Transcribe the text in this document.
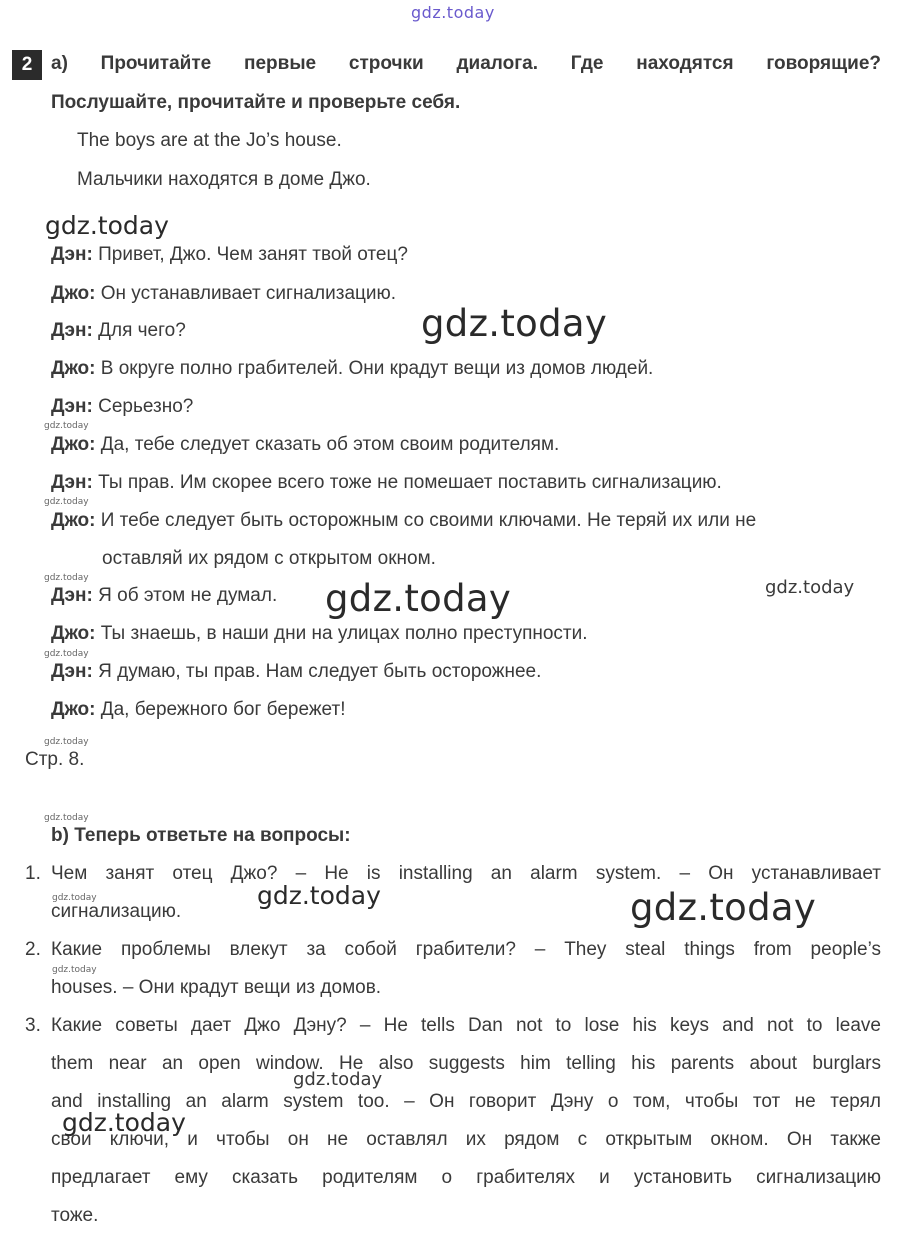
gdz.today
2 a) Прочитайте первые строчки диалога. Где находятся говорящие?
Послушайте, прочитайте и проверьте себя.
The boys are at the Jo’s house.
Мальчики находятся в доме Джо.
gdz.today
gdz.today
gdz.today	gdz.today
gdz.today
gdz.today
gdz.today
gdz.today
gdz.today
gdz.today
Дэн: Привет, Джо. Чем занят твой отец?
Джо: Он устанавливает сигнализацию.
Дэн: Для чего?
Джо: В округе полно грабителей. Они крадут вещи из домов людей.
Дэн: Серьезно?
Джо: Да, тебе следует сказать об этом своим родителям.
Дэн: Ты прав. Им скорее всего тоже не помешает поставить сигнализацию.
Джо: И тебе следует быть осторожным со своими ключами. Не теряй их или не
оставляй их рядом с открытом окном.
Дэн: Я об этом не думал.
Джо: Ты знаешь, в наши дни на улицах полно преступности.
Дэн: Я думаю, ты прав. Нам следует быть осторожнее.
Джо: Да, бережного бог бережет!
Стр. 8.
b) Теперь ответьте на вопросы:
1. Чем занят отец Джо? – He is installing an alarm system. – Он устанавливает
сигнализацию.
2. Какие проблемы влекут за собой грабители? – They steal things from people’s
houses. – Они крадут вещи из домов.
3. Какие советы дает Джо Дэну? – He tells Dan not to lose his keys and not to leave
them near an open window. He also suggests him telling his parents about burglars
and installing an alarm system too. – Он говорит Дэну о том, чтобы тот не терял
свои ключи, и чтобы он не оставлял их рядом с открытым окном. Он также
предлагает ему сказать родителям о грабителях и установить сигнализацию
тоже.
gdz.today	gdz.today	gdz.today
gdz.today
gdz.today
gdz.today
